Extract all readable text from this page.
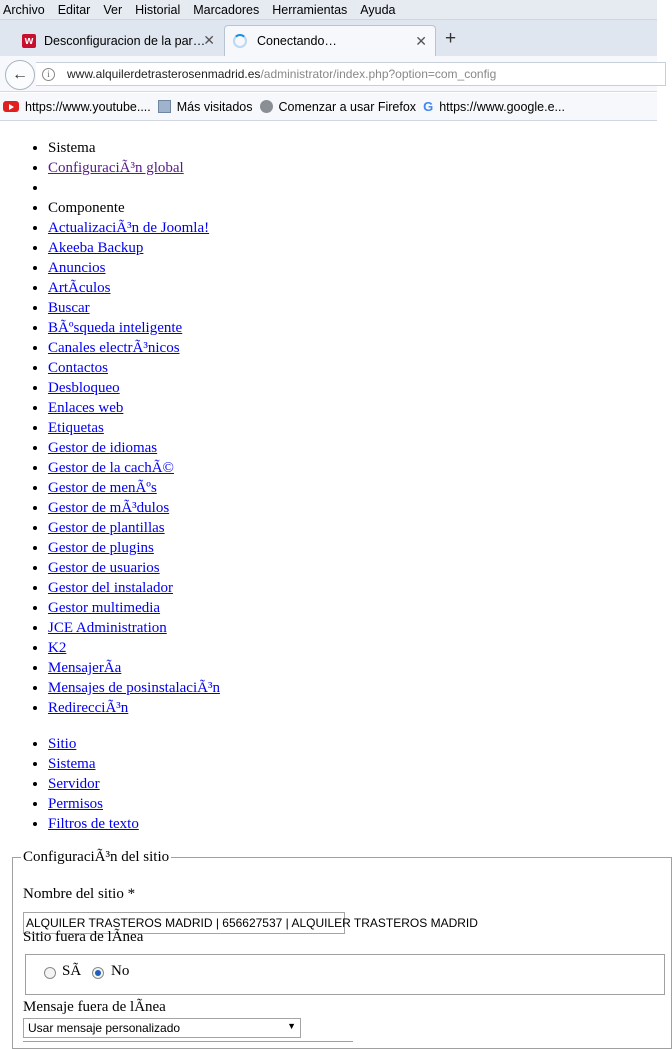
Archivo Editar Ver Historial Marcadores Herramientas Ayuda
w Desconfiguracion de la par…
✕	Conectando…	✕ +
←	i	www.alquilerdetrasterosenmadrid.es /administrator/index.php?option=com_config
https://www.youtube.... Más visitados Comenzar a usar Firefox G https://www.google.e...
• Sistema
• ConfiguraciÃ³n global
•
• Componente
• ActualizaciÃ³n de Joomla!
• Akeeba Backup
• Anuncios
• ArtÃculos
• Buscar
• BÃºsqueda inteligente
• Canales electrÃ³nicos
• Contactos
• Desbloqueo
• Enlaces web
• Etiquetas
• Gestor de idiomas
• Gestor de la cachÃ©
• Gestor de menÃºs
• Gestor de mÃ³dulos
• Gestor de plantillas
• Gestor de plugins
• Gestor de usuarios
• Gestor del instalador
• Gestor multimedia
• JCE Administration
• K2
• MensajerÃa
• Mensajes de posinstalaciÃ³n
• RedirecciÃ³n
• Sitio
• Sistema
• Servidor
• Permisos
• Filtros de texto
ConfiguraciÃ³n del sitio
Nombre del sitio *
ALQUILER TRASTEROS MADRID | 656627537 | ALQUILER TRASTEROS MADRID
Sitio fuera de lÃnea
SÃ No
Mensaje fuera de lÃnea
Usar mensaje personalizado	▼
